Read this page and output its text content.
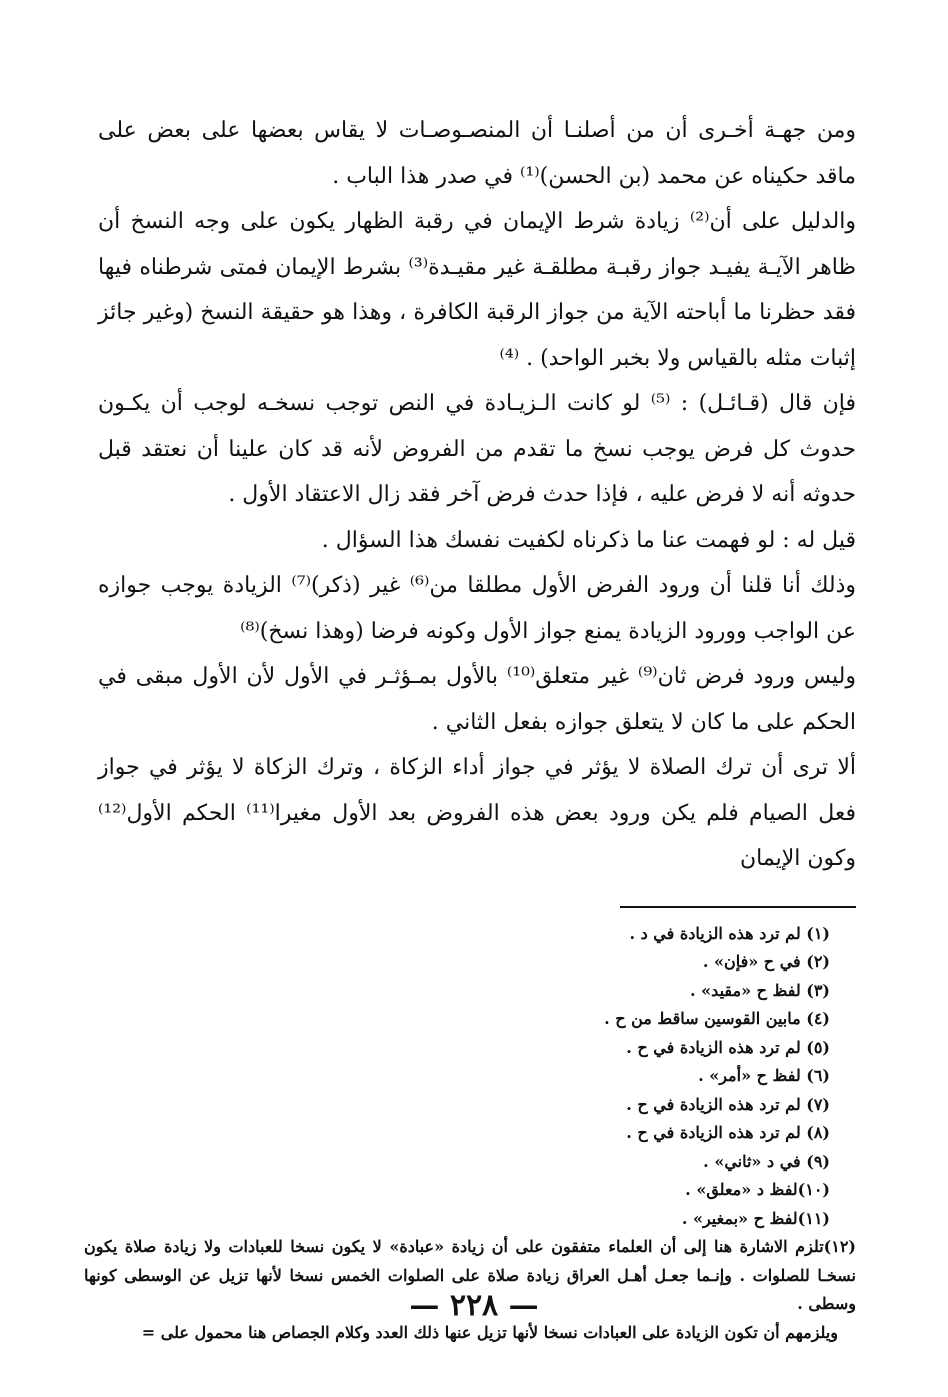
ومن جهـة أخـرى أن من أصلنـا أن المنصـوصـات لا يقاس بعضها على بعض على ماقد حكيناه عن محمد (بن الحسن)⁽¹⁾ في صدر هذا الباب .

والدليل على أن⁽²⁾ زيادة شرط الإيمان في رقبة الظهار يكون على وجه النسخ أن ظاهر الآيـة يفيـد جواز رقبـة مطلقـة غير مقيـدة⁽³⁾ بشرط الإيمان فمتى شرطناه فيها فقد حظرنا ما أباحته الآية من جواز الرقبة الكافرة ، وهذا هو حقيقة النسخ (وغير جائز إثبات مثله بالقياس ولا بخبر الواحد) . ⁽⁴⁾

فإن قال (قـائـل) : ⁽⁵⁾ لو كانت الـزيـادة في النص توجب نسخـه لوجب أن يكـون حدوث كل فرض يوجب نسخ ما تقدم من الفروض لأنه قد كان علينا أن نعتقد قبل حدوثه أنه لا فرض عليه ، فإذا حدث فرض آخر فقد زال الاعتقاد الأول .

قيل له : لو فهمت عنا ما ذكرناه لكفيت نفسك هذا السؤال .

وذلك أنا قلنا أن ورود الفرض الأول مطلقا من⁽⁶⁾ غير (ذكر)⁽⁷⁾ الزيادة يوجب جوازه عن الواجب وورود الزيادة يمنع جواز الأول وكونه فرضا (وهذا نسخ)⁽⁸⁾

وليس ورود فرض ثان⁽⁹⁾ غير متعلق⁽¹⁰⁾ بالأول بمـؤثـر في الأول لأن الأول مبقى في الحكم على ما كان لا يتعلق جوازه بفعل الثاني .

ألا ترى أن ترك الصلاة لا يؤثر في جواز أداء الزكاة ، وترك الزكاة لا يؤثر في جواز فعل الصيام فلم يكن ورود بعض هذه الفروض بعد الأول مغيرا⁽¹¹⁾ الحكم الأول⁽¹²⁾ وكون الإيمان

(١) لم ترد هذه الزيادة في د .

(٢) في ح «فإن» .

(٣) لفظ ح «مقيد» .

(٤) مابين القوسين ساقط من ح .

(٥) لم ترد هذه الزيادة في ح .

(٦) لفظ ح «أمر» .

(٧) لم ترد هذه الزيادة في ح .

(٨) لم ترد هذه الزيادة في ح .

(٩) في د «ثاني» .

(١٠)لفظ د «معلق» .

(١١)لفظ ح «بمغير» .

(١٢)تلزم الاشارة هنا إلى أن العلماء متفقون على أن زيادة «عبادة» لا يكون نسخا للعبادات ولا زيادة صلاة يكون نسخـا للصلوات . وإنـما جعـل أهـل العراق زيادة صلاة على الصلوات الخمس نسخا لأنها تزيل عن الوسطى كونها وسطى .

ويلزمهم أن تكون الزيادة على العبادات نسخا لأنها تزيل عنها ذلك العدد وكلام الجصاص هنا محمول على =

— ٢٢٨ —
